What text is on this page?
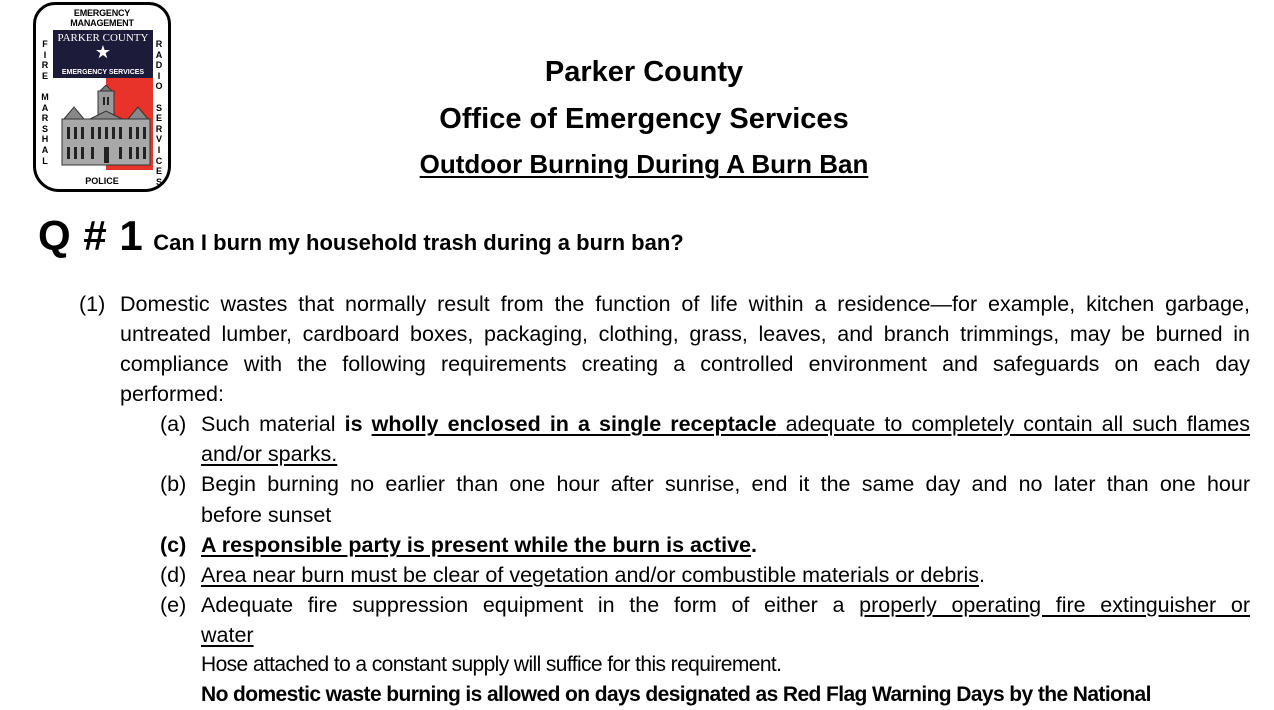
EMERGENCY
MANAGEMENT
PARKER COUNTY
★
EMERGENCY SERVICES
F
I
R
E

M
A
R
S
H
A
L
R
A
D
I
O

S
E
R
V
I
C
E
S
POLICE
Parker County
Office of Emergency Services
Outdoor Burning During A Burn Ban
Q # 1 Can I burn my household trash during a burn ban?
(1) Domestic wastes that normally result from the function of life within a residence—for example, kitchen garbage,
untreated lumber, cardboard boxes, packaging, clothing, grass, leaves, and branch trimmings, may be burned in
compliance with the following requirements creating a controlled environment and safeguards on each day
performed:
(a) Such material is wholly enclosed in a single receptacle adequate to completely contain all such flames
and/or sparks.
(b) Begin burning no earlier than one hour after sunrise, end it the same day and no later than one hour
before sunset
(c) A responsible party is present while the burn is active.
(d) Area near burn must be clear of vegetation and/or combustible materials or debris.
(e) Adequate fire suppression equipment in the form of either a properly operating fire extinguisher or
water
Hose attached to a constant supply will suffice for this requirement.
No domestic waste burning is allowed on days designated as Red Flag Warning Days by the National
